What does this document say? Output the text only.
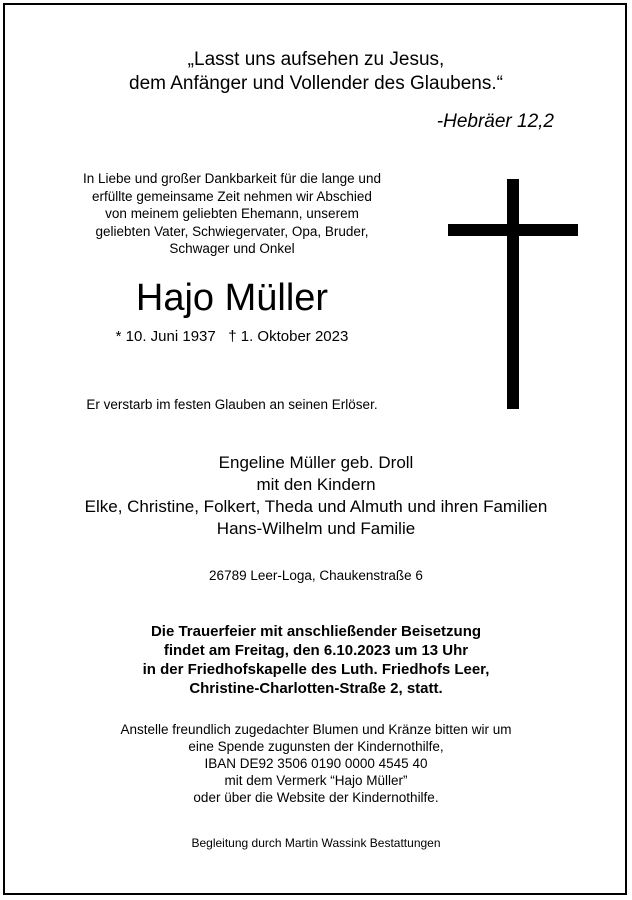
„Lasst uns aufsehen zu Jesus,
dem Anfänger und Vollender des Glaubens.“
-Hebräer 12,2
In Liebe und großer Dankbarkeit für die lange und
erfüllte gemeinsame Zeit nehmen wir Abschied
von meinem geliebten Ehemann, unserem
geliebten Vater, Schwiegervater, Opa, Bruder,
Schwager und Onkel
Hajo Müller
* 10. Juni 1937   † 1. Oktober 2023
Er verstarb im festen Glauben an seinen Erlöser.
Engeline Müller geb. Droll
mit den Kindern
Elke, Christine, Folkert, Theda und Almuth und ihren Familien
Hans-Wilhelm und Familie
26789 Leer-Loga, Chaukenstraße 6
Die Trauerfeier mit anschließender Beisetzung
findet am Freitag, den 6.10.2023 um 13 Uhr
in der Friedhofskapelle des Luth. Friedhofs Leer,
Christine-Charlotten-Straße 2, statt.
Anstelle freundlich zugedachter Blumen und Kränze bitten wir um
eine Spende zugunsten der Kindernothilfe,
IBAN DE92 3506 0190 0000 4545 40
mit dem Vermerk “Hajo Müller”
oder über die Website der Kindernothilfe.
Begleitung durch Martin Wassink Bestattungen
